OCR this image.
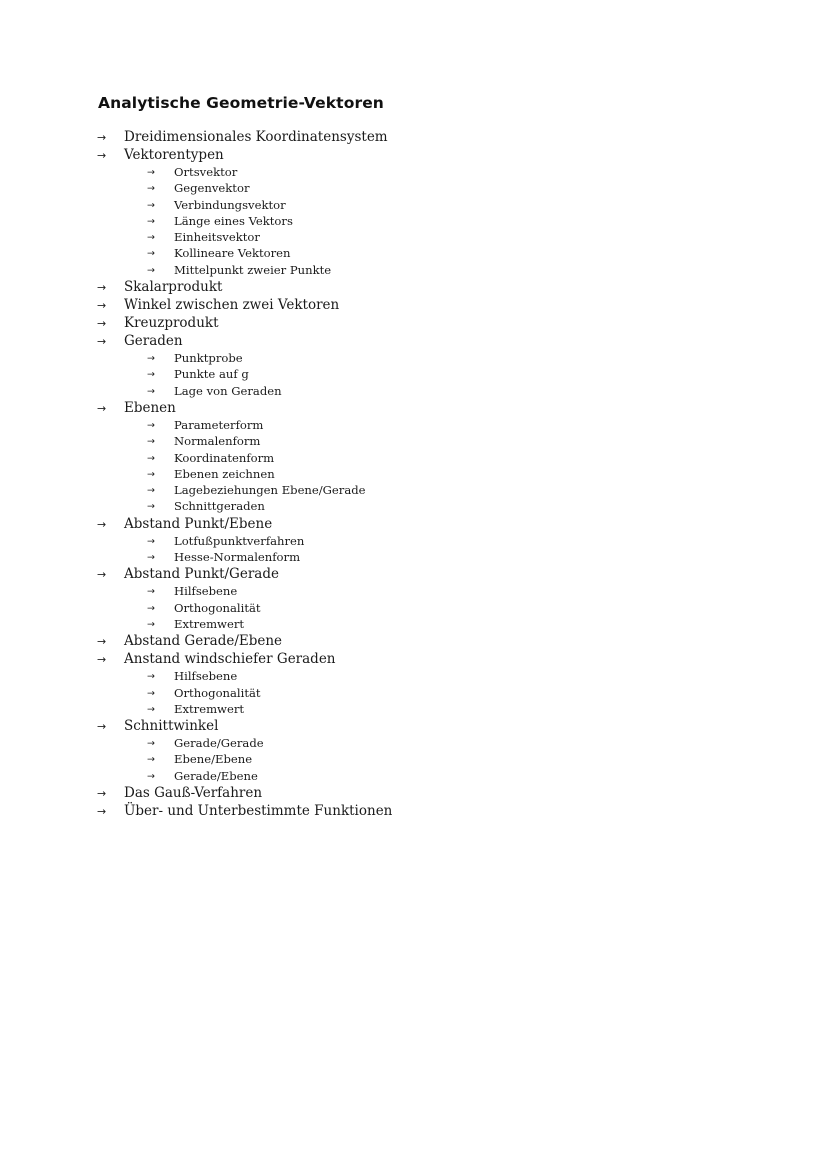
Analytische Geometrie-Vektoren
→ Dreidimensionales Koordinatensystem
→ Vektorentypen
→ Ortsvektor
→ Gegenvektor
→ Verbindungsvektor
→ Länge eines Vektors
→ Einheitsvektor
→ Kollineare Vektoren
→ Mittelpunkt zweier Punkte
→ Skalarprodukt
→ Winkel zwischen zwei Vektoren
→ Kreuzprodukt
→ Geraden
→ Punktprobe
→ Punkte auf g
→ Lage von Geraden
→ Ebenen
→ Parameterform
→ Normalenform
→ Koordinatenform
→ Ebenen zeichnen
→ Lagebeziehungen Ebene/Gerade
→ Schnittgeraden
→ Abstand Punkt/Ebene
→ Lotfußpunktverfahren
→ Hesse-Normalenform
→ Abstand Punkt/Gerade
→ Hilfsebene
→ Orthogonalität
→ Extremwert
→ Abstand Gerade/Ebene
→ Anstand windschiefer Geraden
→ Hilfsebene
→ Orthogonalität
→ Extremwert
→ Schnittwinkel
→ Gerade/Gerade
→ Ebene/Ebene
→ Gerade/Ebene
→ Das Gauß-Verfahren
→ Über- und Unterbestimmte Funktionen
